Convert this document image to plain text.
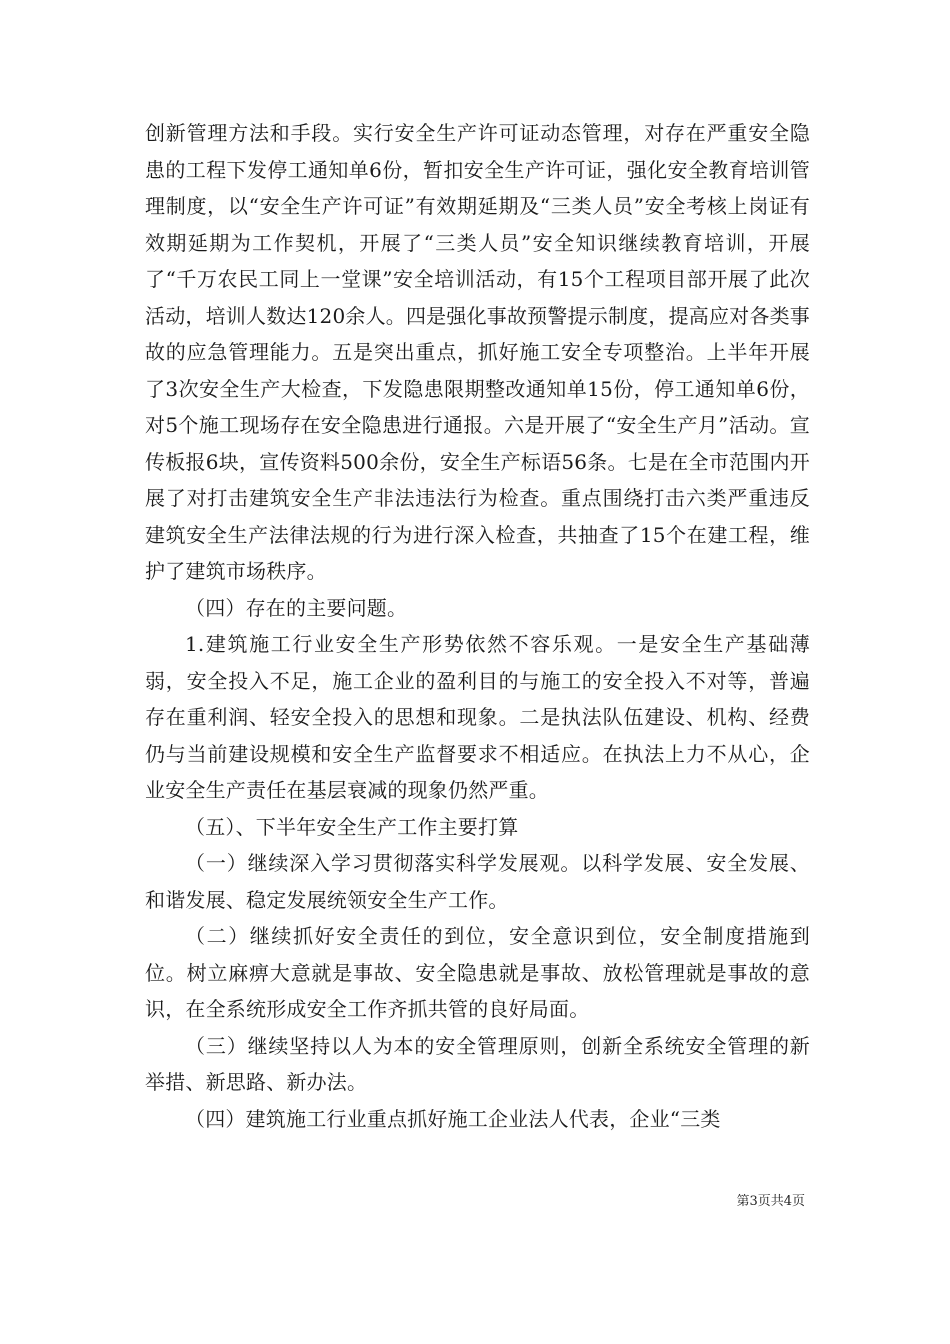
创新管理方法和手段。实行安全生产许可证动态管理，对存在严重安全隐患的工程下发停工通知单6份，暂扣安全生产许可证，强化安全教育培训管理制度，以“安全生产许可证”有效期延期及“三类人员”安全考核上岗证有效期延期为工作契机，开展了“三类人员”安全知识继续教育培训，开展了“千万农民工同上一堂课”安全培训活动，有15个工程项目部开展了此次活动，培训人数达120余人。四是强化事故预警提示制度，提高应对各类事故的应急管理能力。五是突出重点，抓好施工安全专项整治。上半年开展了3次安全生产大检查，下发隐患限期整改通知单15份，停工通知单6份，对5个施工现场存在安全隐患进行通报。六是开展了“安全生产月”活动。宣传板报6块，宣传资料500余份，安全生产标语56条。七是在全市范围内开展了对打击建筑安全生产非法违法行为检查。重点围绕打击六类严重违反建筑安全生产法律法规的行为进行深入检查，共抽查了15个在建工程，维护了建筑市场秩序。

（四）存在的主要问题。

1.建筑施工行业安全生产形势依然不容乐观。一是安全生产基础薄弱，安全投入不足，施工企业的盈利目的与施工的安全投入不对等，普遍存在重利润、轻安全投入的思想和现象。二是执法队伍建设、机构、经费仍与当前建设规模和安全生产监督要求不相适应。在执法上力不从心，企业安全生产责任在基层衰减的现象仍然严重。

（五）、下半年安全生产工作主要打算

（一）继续深入学习贯彻落实科学发展观。以科学发展、安全发展、和谐发展、稳定发展统领安全生产工作。

（二）继续抓好安全责任的到位，安全意识到位，安全制度措施到位。树立麻痹大意就是事故、安全隐患就是事故、放松管理就是事故的意识，在全系统形成安全工作齐抓共管的良好局面。

（三）继续坚持以人为本的安全管理原则，创新全系统安全管理的新举措、新思路、新办法。

（四）建筑施工行业重点抓好施工企业法人代表，企业“三类

第3页共4页
